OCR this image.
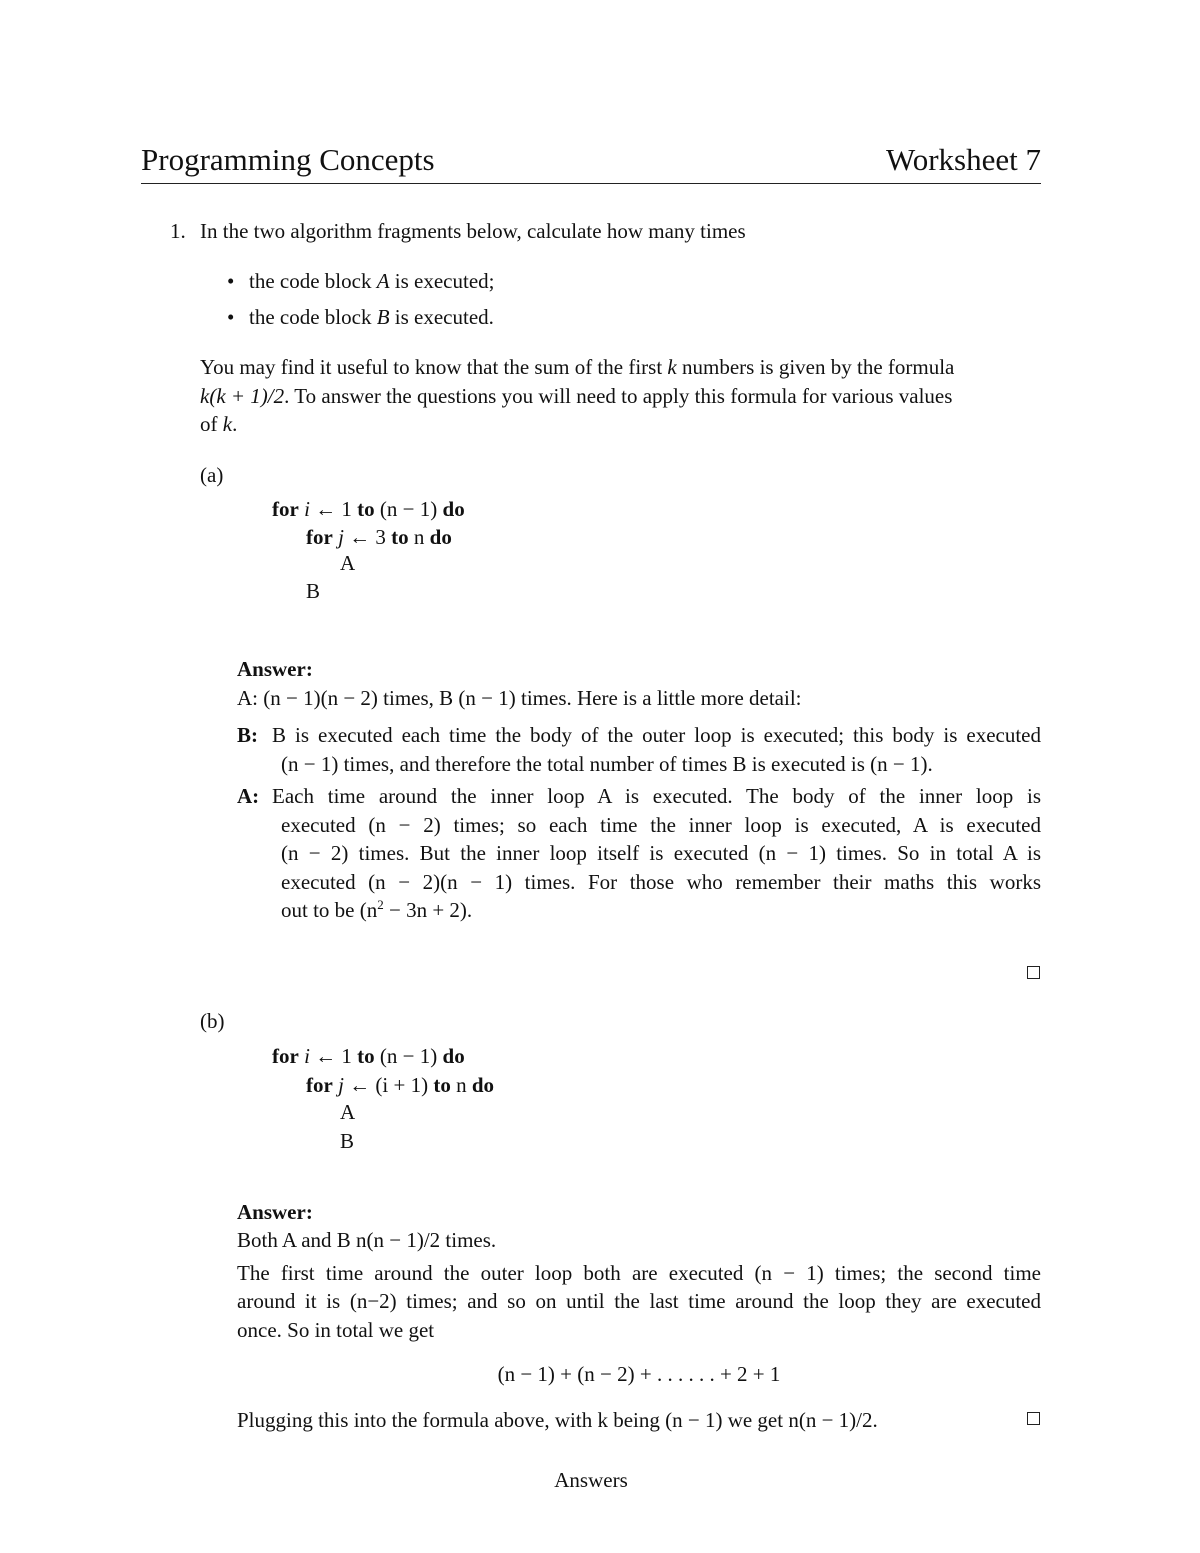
Programming Concepts	Worksheet 7
1. In the two algorithm fragments below, calculate how many times
• the code block A is executed;
• the code block B is executed.
You may find it useful to know that the sum of the first k numbers is given by the formula
k(k + 1)/2. To answer the questions you will need to apply this formula for various values
of k.
(a)
for i ← 1 to (n − 1) do
for j ← 3 to n do
A
B
Answer:
A: (n − 1)(n − 2) times, B (n − 1) times. Here is a little more detail:
B: B is executed each time the body of the outer loop is executed; this body is executed
(n − 1) times, and therefore the total number of times B is executed is (n − 1).
A: Each time around the inner loop A is executed. The body of the inner loop is
executed (n − 2) times; so each time the inner loop is executed, A is executed
(n − 2) times. But the inner loop itself is executed (n − 1) times. So in total A is
executed (n − 2)(n − 1) times. For those who remember their maths this works
out to be $(n^2 - 3n + 2)$.
(b)
for i ← 1 to (n − 1) do
for j ← (i + 1) to n do
A
B
Answer:
Both A and B n(n − 1)/2 times.
The first time around the outer loop both are executed (n − 1) times; the second time
around it is (n−2) times; and so on until the last time around the loop they are executed
once. So in total we get
(n − 1) + (n − 2) + . . . . . . + 2 + 1
Plugging this into the formula above, with k being (n − 1) we get n(n − 1)/2.
Answers
